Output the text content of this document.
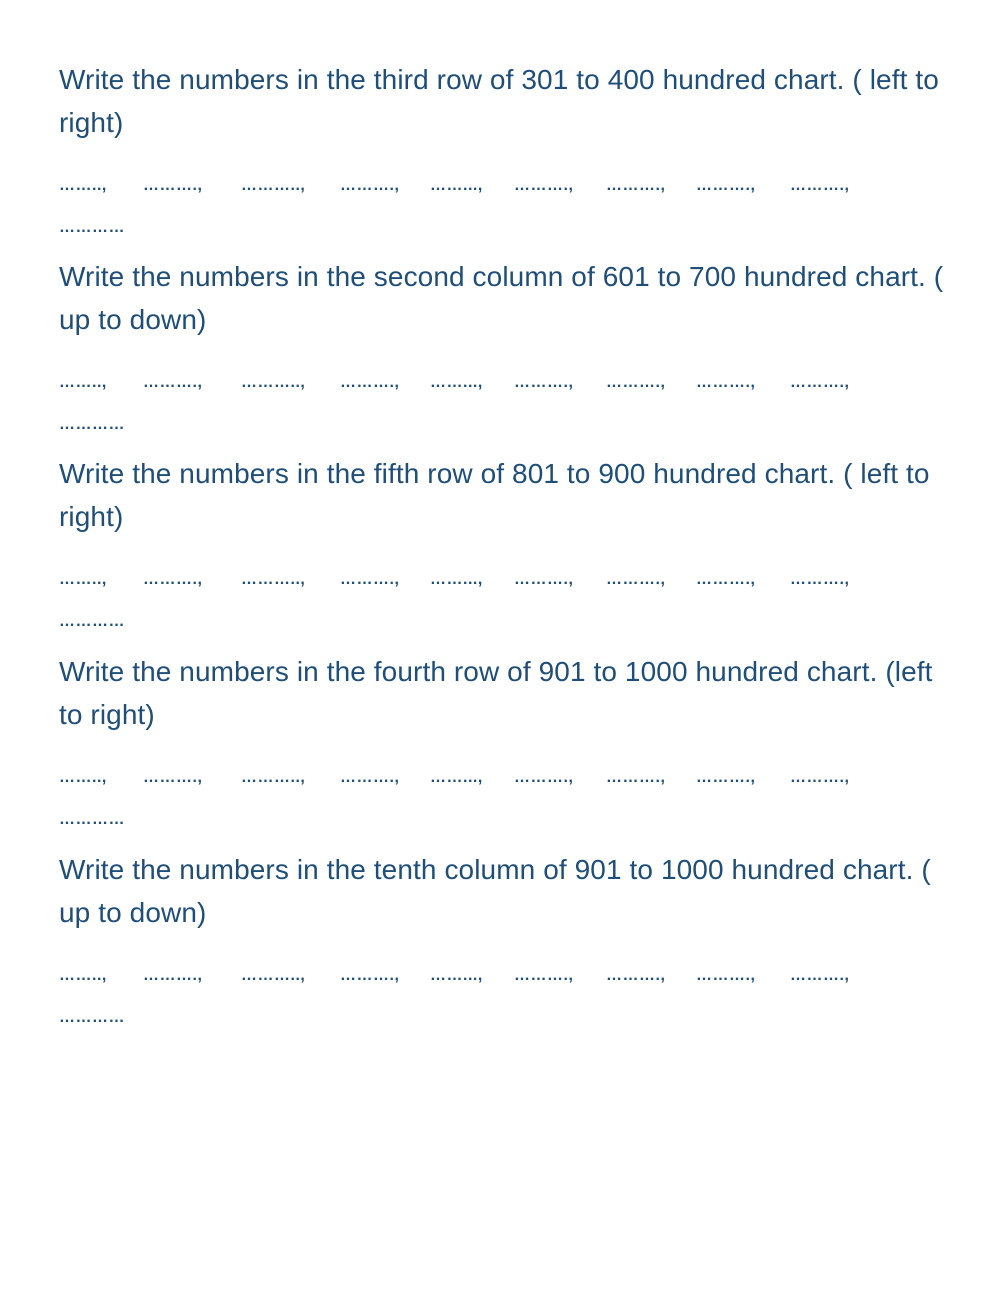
Write the numbers in the third row of 301 to 400 hundred chart. ( left to right)

…….., ………., ……….., ………., ……..., ………., ………., ………., ……….,
…………

Write the numbers in the second column of 601 to 700 hundred chart. ( up to down)

…….., ………., ……….., ………., ……..., ………., ………., ………., ……….,
…………

Write the numbers in the fifth row of 801 to 900 hundred chart. ( left to right)

…….., ………., ……….., ………., ……..., ………., ………., ………., ……….,
…………

Write the numbers in the fourth row of 901 to 1000 hundred chart. (left to right)

…….., ………., ……….., ………., ……..., ………., ………., ………., ……….,
…………

Write the numbers in the tenth column of 901 to 1000 hundred chart. ( up to down)

…….., ………., ……….., ………., ……..., ………., ………., ………., ……….,
…………
